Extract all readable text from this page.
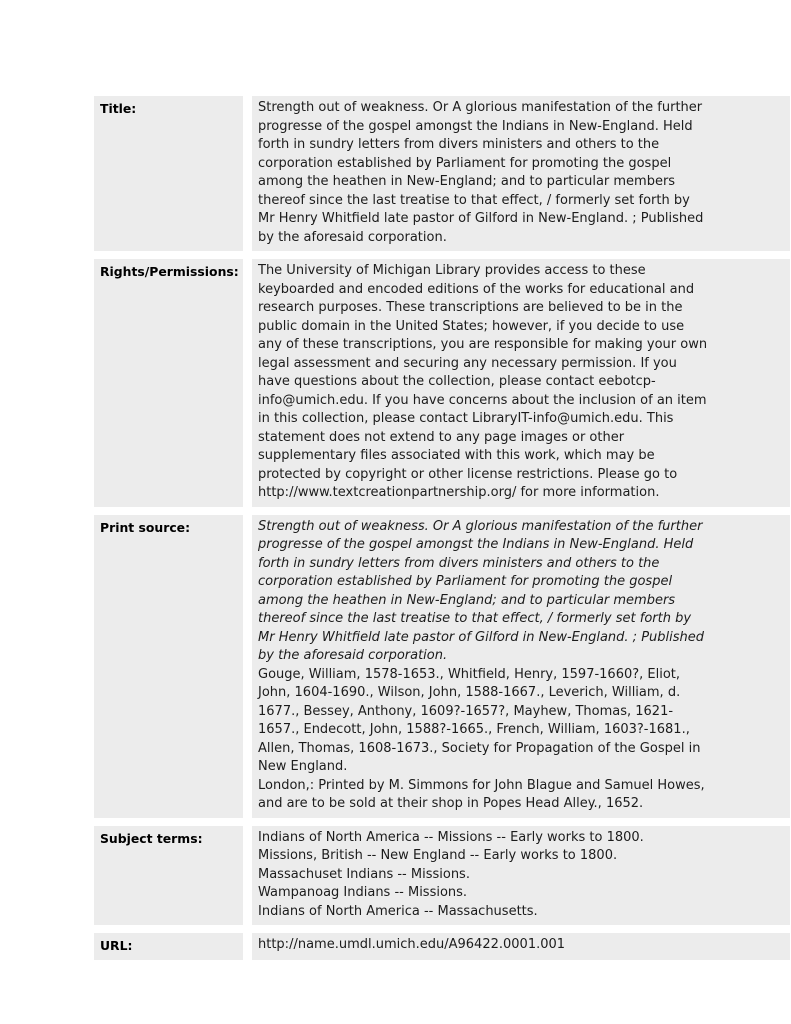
Title:	Strength out of weakness. Or A glorious manifestation of the further progresse of the gospel amongst the Indians in New-England. Held forth in sundry letters from divers ministers and others to the corporation established by Parliament for promoting the gospel among the heathen in New-England; and to particular members thereof since the last treatise to that effect, / formerly set forth by Mr Henry Whitfield late pastor of Gilford in New-England. ; Published by the aforesaid corporation.
Rights/Permissions:	The University of Michigan Library provides access to these keyboarded and encoded editions of the works for educational and research purposes. These transcriptions are believed to be in the public domain in the United States; however, if you decide to use any of these transcriptions, you are responsible for making your own legal assessment and securing any necessary permission. If you have questions about the collection, please contact eebotcp-info@umich.edu. If you have concerns about the inclusion of an item in this collection, please contact LibraryIT-info@umich.edu. This statement does not extend to any page images or other supplementary files associated with this work, which may be protected by copyright or other license restrictions. Please go to http://www.textcreationpartnership.org/ for more information.
Print source:	Strength out of weakness. Or A glorious manifestation of the further progresse of the gospel amongst the Indians in New-England. Held forth in sundry letters from divers ministers and others to the corporation established by Parliament for promoting the gospel among the heathen in New-England; and to particular members thereof since the last treatise to that effect, / formerly set forth by Mr Henry Whitfield late pastor of Gilford in New-England. ; Published by the aforesaid corporation.
Gouge, William, 1578-1653., Whitfield, Henry, 1597-1660?, Eliot, John, 1604-1690., Wilson, John, 1588-1667., Leverich, William, d. 1677., Bessey, Anthony, 1609?-1657?, Mayhew, Thomas, 1621-1657., Endecott, John, 1588?-1665., French, William, 1603?-1681., Allen, Thomas, 1608-1673., Society for Propagation of the Gospel in New England.
London,: Printed by M. Simmons for John Blague and Samuel Howes, and are to be sold at their shop in Popes Head Alley., 1652.
Subject terms:	Indians of North America -- Missions -- Early works to 1800.
Missions, British -- New England -- Early works to 1800.
Massachuset Indians -- Missions.
Wampanoag Indians -- Missions.
Indians of North America -- Massachusetts.
URL:	http://name.umdl.umich.edu/A96422.0001.001
